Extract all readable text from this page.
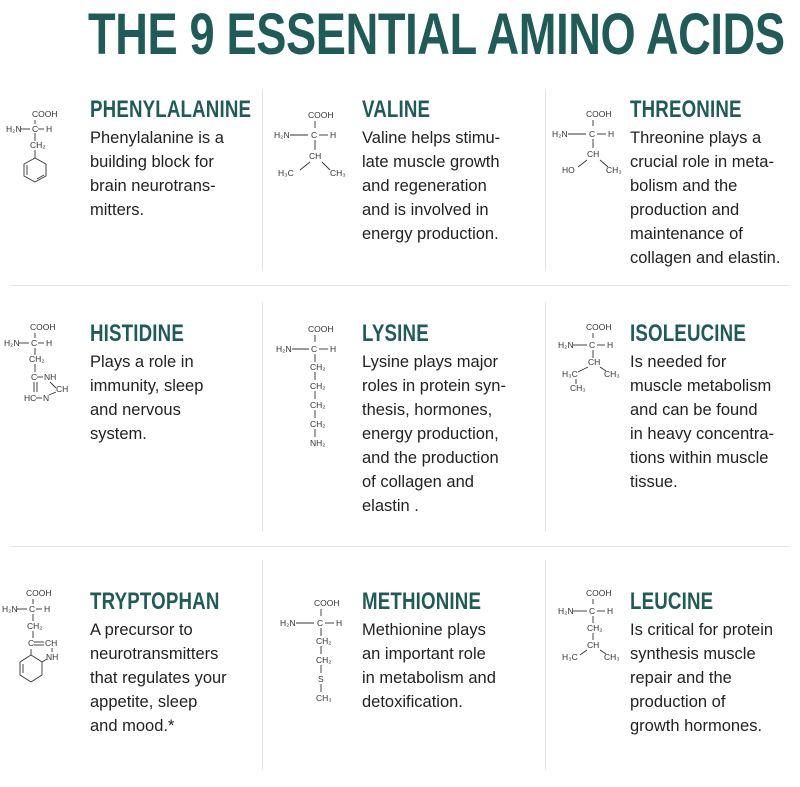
THE 9 ESSENTIAL AMINO ACIDS
COOH
H₂N C H
CH₂
PHENYLALANINE
Phenylalanine is a
building block for
brain neurotrans-
mitters.
COOH
H₂N	C H
CH
H₃C	CH₃
VALINE
Valine helps stimu-
late muscle growth
and regeneration
and is involved in
energy production.
COOH
H₂N	C H
CH
HO	CH₃
THREONINE
Threonine plays a
crucial role in meta-
bolism and the
production and
maintenance of
collagen and elastin.
COOH
H₂N C H
CH₂
C NH
CH
HC N
HISTIDINE
Plays a role in
immunity, sleep
and nervous
system.
COOH
H₂N C H
CH₂
CH₂
CH₂
CH₂
NH₂
LYSINE
Lysine plays major
roles in protein syn-
thesis, hormones,
energy production,
and the production
of collagen and
elastin .
COOH
H₂N C H
CH
H₃C	CH₃
CH₃
ISOLEUCINE
Is needed for
muscle metabolism
and can be found
in heavy concentra-
tions within muscle
tissue.
COOH
H₂N C H
CH₂
C CH
NH
TRYPTOPHAN
A precursor to
neurotransmitters
that regulates your
appetite, sleep
and mood.*
COOH
H₂N	C H
CH₂
CH₂
S
CH₃
METHIONINE
Methionine plays
an important role
in metabolism and
detoxification.
COOH
H₂N C H
CH₂
CH
H₃C	CH₃
LEUCINE
Is critical for protein
synthesis muscle
repair and the
production of
growth hormones.
